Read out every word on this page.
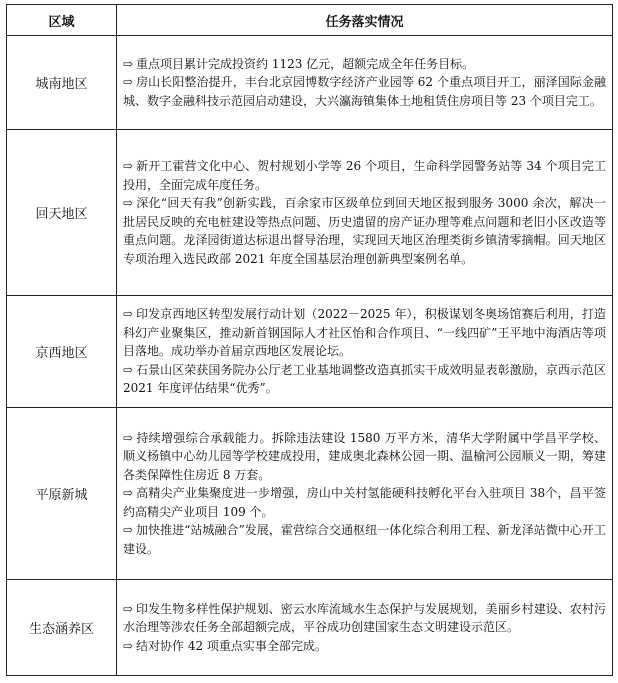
区域	任务落实情况
城南地区	⇨ 重点项目累计完成投资约 1123 亿元，超额完成全年任务目标。
⇨ 房山长阳整治提升，丰台北京园博数字经济产业园等 62 个重点项目开工，丽泽国际金融城、数字金融科技示范园启动建设，大兴瀛海镇集体土地租赁住房项目等 23 个项目完工。

回天地区	⇨ 新开工霍营文化中心、贺村规划小学等 26 个项目，生命科学园警务站等 34 个项目完工投用，全面完成年度任务。
⇨ 深化“回天有我”创新实践，百余家市区级单位到回天地区报到服务 3000 余次，解决一批居民反映的充电桩建设等热点问题、历史遗留的房产证办理等难点问题和老旧小区改造等重点问题。龙泽园街道达标退出督导治理，实现回天地区治理类街乡镇清零摘帽。回天地区专项治理入选民政部 2021 年度全国基层治理创新典型案例名单。

京西地区	⇨ 印发京西地区转型发展行动计划（2022－2025 年），积极谋划冬奥场馆赛后利用，打造科幻产业聚集区，推动新首钢国际人才社区怡和合作项目、“一线四矿”王平地中海酒店等项目落地。成功举办首届京西地区发展论坛。
⇨ 石景山区荣获国务院办公厅老工业基地调整改造真抓实干成效明显表彰激励，京西示范区 2021 年度评估结果“优秀”。

平原新城	⇨ 持续增强综合承载能力。拆除违法建设 1580 万平方米，清华大学附属中学昌平学校、顺义杨镇中心幼儿园等学校建成投用，建成奥北森林公园一期、温榆河公园顺义一期，筹建各类保障性住房近 8 万套。
⇨ 高精尖产业集聚度进一步增强，房山中关村氢能硬科技孵化平台入驻项目 38个，昌平签约高精尖产业项目 109 个。
⇨ 加快推进“站城融合”发展，霍营综合交通枢纽一体化综合利用工程、新龙泽站微中心开工建设。

生态涵养区	⇨ 印发生物多样性保护规划、密云水库流域水生态保护与发展规划，美丽乡村建设、农村污水治理等涉农任务全部超额完成，平谷成功创建国家生态文明建设示范区。
⇨ 结对协作 42 项重点实事全部完成。
